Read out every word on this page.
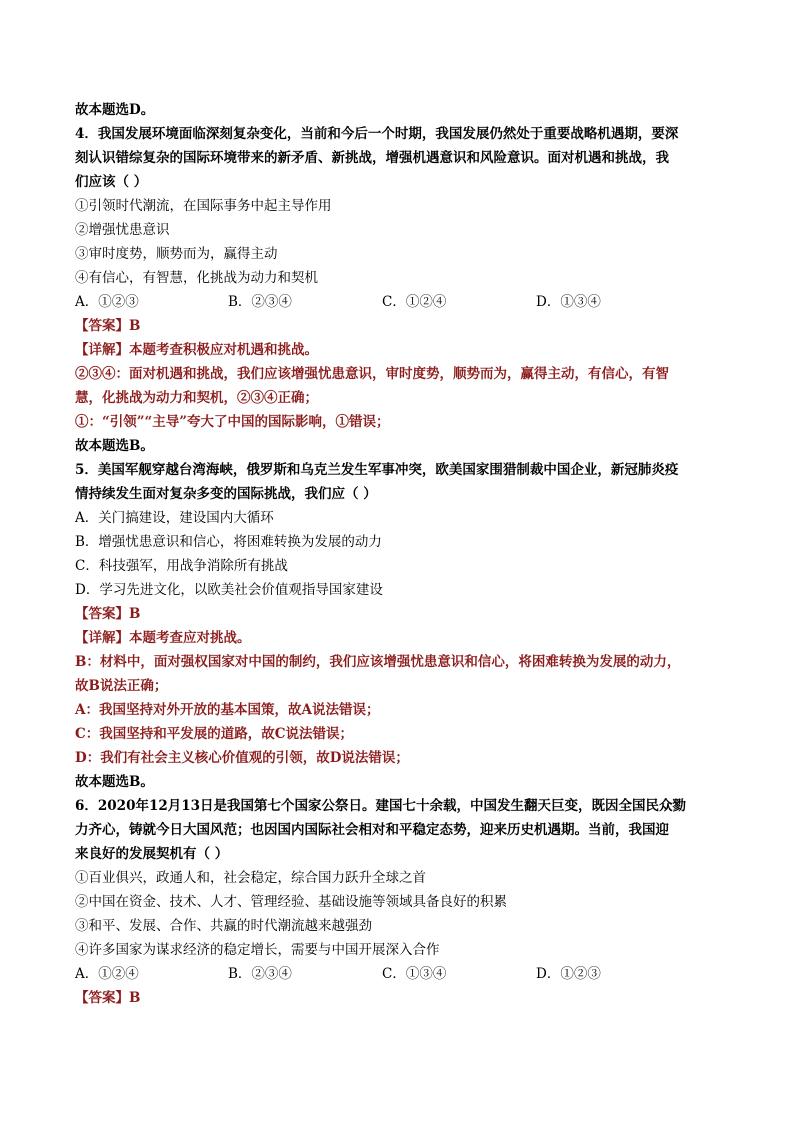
故本题选D。
4．我国发展环境面临深刻复杂变化，当前和今后一个时期，我国发展仍然处于重要战略机遇期，要深
刻认识错综复杂的国际环境带来的新矛盾、新挑战，增强机遇意识和风险意识。面对机遇和挑战，我
们应该（ ）
①引领时代潮流，在国际事务中起主导作用
②增强忧患意识
③审时度势，顺势而为，赢得主动
④有信心，有智慧，化挑战为动力和契机
A．①②③	B．②③④	C．①②④	D．①③④
【答案】B
【详解】本题考查积极应对机遇和挑战。
②③④：面对机遇和挑战，我们应该增强忧患意识，审时度势，顺势而为，赢得主动，有信心，有智
慧，化挑战为动力和契机，②③④正确；
①：“引领”“主导”夸大了中国的国际影响，①错误；
故本题选B。
5．美国军舰穿越台湾海峡，俄罗斯和乌克兰发生军事冲突，欧美国家围猎制裁中国企业，新冠肺炎疫
情持续发生面对复杂多变的国际挑战，我们应（ ）
A．关门搞建设，建设国内大循环
B．增强忧患意识和信心，将困难转换为发展的动力
C．科技强军，用战争消除所有挑战
D．学习先进文化，以欧美社会价值观指导国家建设
【答案】B
【详解】本题考查应对挑战。
B：材料中，面对强权国家对中国的制约，我们应该增强忧患意识和信心，将困难转换为发展的动力，
故B说法正确；
A：我国坚持对外开放的基本国策，故A说法错误；
C：我国坚持和平发展的道路，故C说法错误；
D：我们有社会主义核心价值观的引领，故D说法错误；
故本题选B。
6．2020年12月13日是我国第七个国家公祭日。建国七十余载，中国发生翻天巨变，既因全国民众勠
力齐心，铸就今日大国风范；也因国内国际社会相对和平稳定态势，迎来历史机遇期。当前，我国迎
来良好的发展契机有（ ）
①百业俱兴，政通人和，社会稳定，综合国力跃升全球之首
②中国在资金、技术、人才、管理经验、基础设施等领域具备良好的积累
③和平、发展、合作、共赢的时代潮流越来越强劲
④许多国家为谋求经济的稳定增长，需要与中国开展深入合作
A．①②④	B．②③④	C．①③④	D．①②③
【答案】B
